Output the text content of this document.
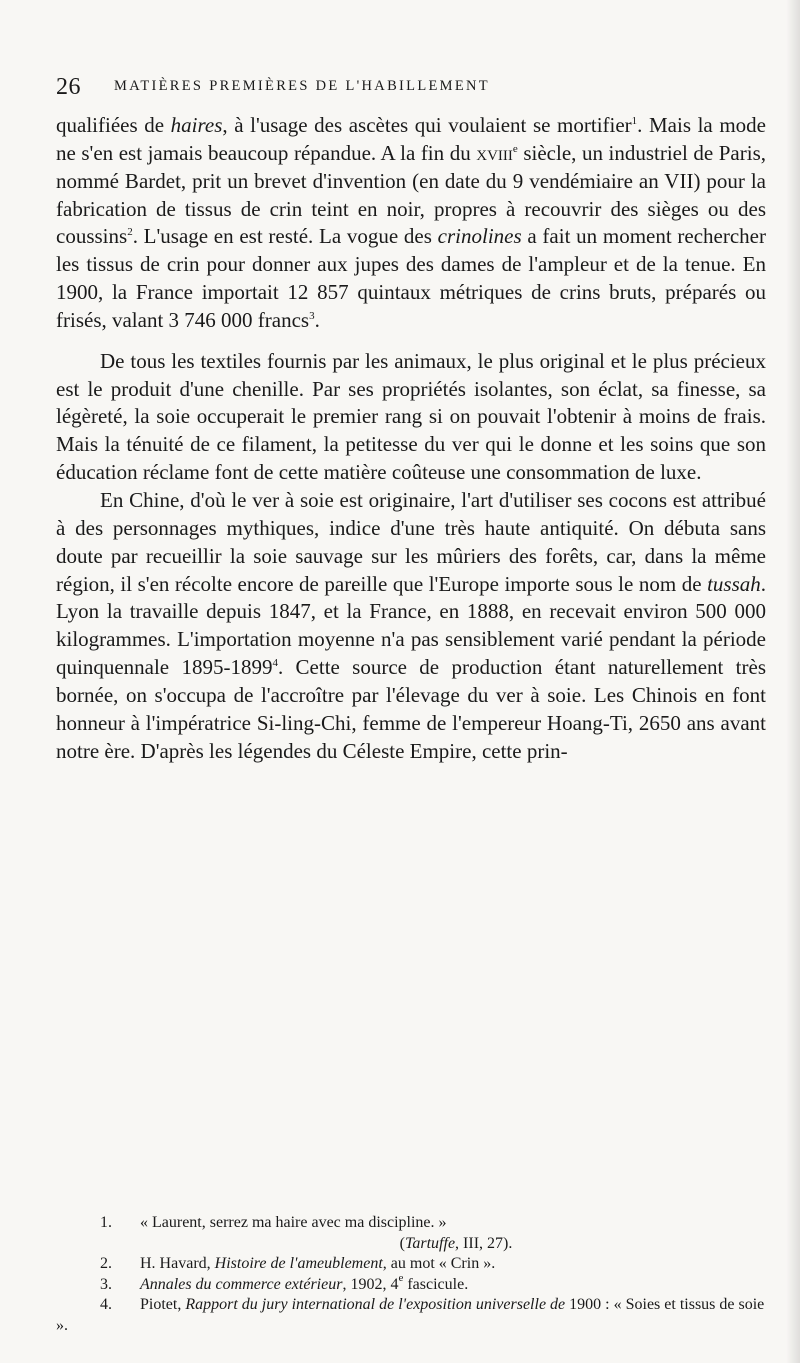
26 MATIÈRES PREMIÈRES DE L'HABILLEMENT

qualifiées de haires, à l'usage des ascètes qui voulaient se mortifier$^1$. Mais la mode ne s'en est jamais beaucoup répandue. A la fin du xviii$^e$ siècle, un industriel de Paris, nommé Bardet, prit un brevet d'invention (en date du 9 vendémiaire an VII) pour la fabrication de tissus de crin teint en noir, propres à recouvrir des sièges ou des coussins$^2$. L'usage en est resté. La vogue des crinolines a fait un moment rechercher les tissus de crin pour donner aux jupes des dames de l'ampleur et de la tenue. En 1900, la France importait 12 857 quintaux métriques de crins bruts, préparés ou frisés, valant 3 746 000 francs$^3$.

De tous les textiles fournis par les animaux, le plus original et le plus précieux est le produit d'une chenille. Par ses propriétés isolantes, son éclat, sa finesse, sa légèreté, la soie occuperait le premier rang si on pouvait l'obtenir à moins de frais. Mais la ténuité de ce filament, la petitesse du ver qui le donne et les soins que son éducation réclame font de cette matière coûteuse une consommation de luxe.

En Chine, d'où le ver à soie est originaire, l'art d'utiliser ses cocons est attribué à des personnages mythiques, indice d'une très haute antiquité. On débuta sans doute par recueillir la soie sauvage sur les mûriers des forêts, car, dans la même région, il s'en récolte encore de pareille que l'Europe importe sous le nom de tussah. Lyon la travaille depuis 1847, et la France, en 1888, en recevait environ 500 000 kilogrammes. L'importation moyenne n'a pas sensiblement varié pendant la période quinquennale 1895-1899$^4$. Cette source de production étant naturellement très bornée, on s'occupa de l'accroître par l'élevage du ver à soie. Les Chinois en font honneur à l'impératrice Si-ling-Chi, femme de l'empereur Hoang-Ti, 2650 ans avant notre ère. D'après les légendes du Céleste Empire, cette prin-

1. « Laurent, serrez ma haire avec ma discipline. »

(Tartuffe, III, 27).

2. H. Havard, Histoire de l'ameublement, au mot « Crin ».

3. Annales du commerce extérieur, 1902, 4e fascicule.

4. Piotet, Rapport du jury international de l'exposition universelle de 1900 : « Soies et tissus de soie ».
